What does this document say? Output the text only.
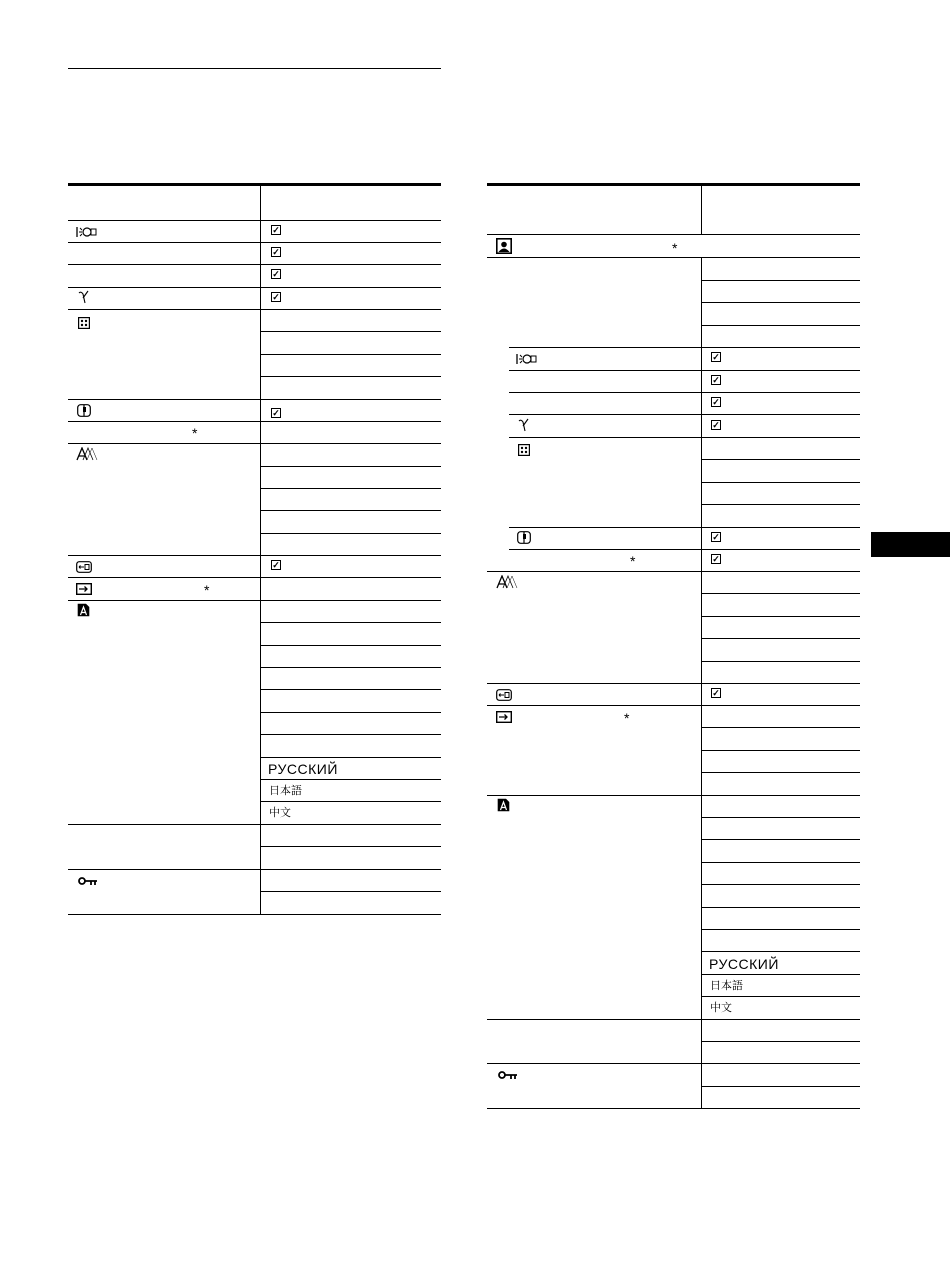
✓
✓
✓
✓
✓
*
✓
*
РУССКИЙ
日本語
中文
*
✓
✓
✓
✓
✓
*	✓
✓
*
РУССКИЙ
日本語
中文
